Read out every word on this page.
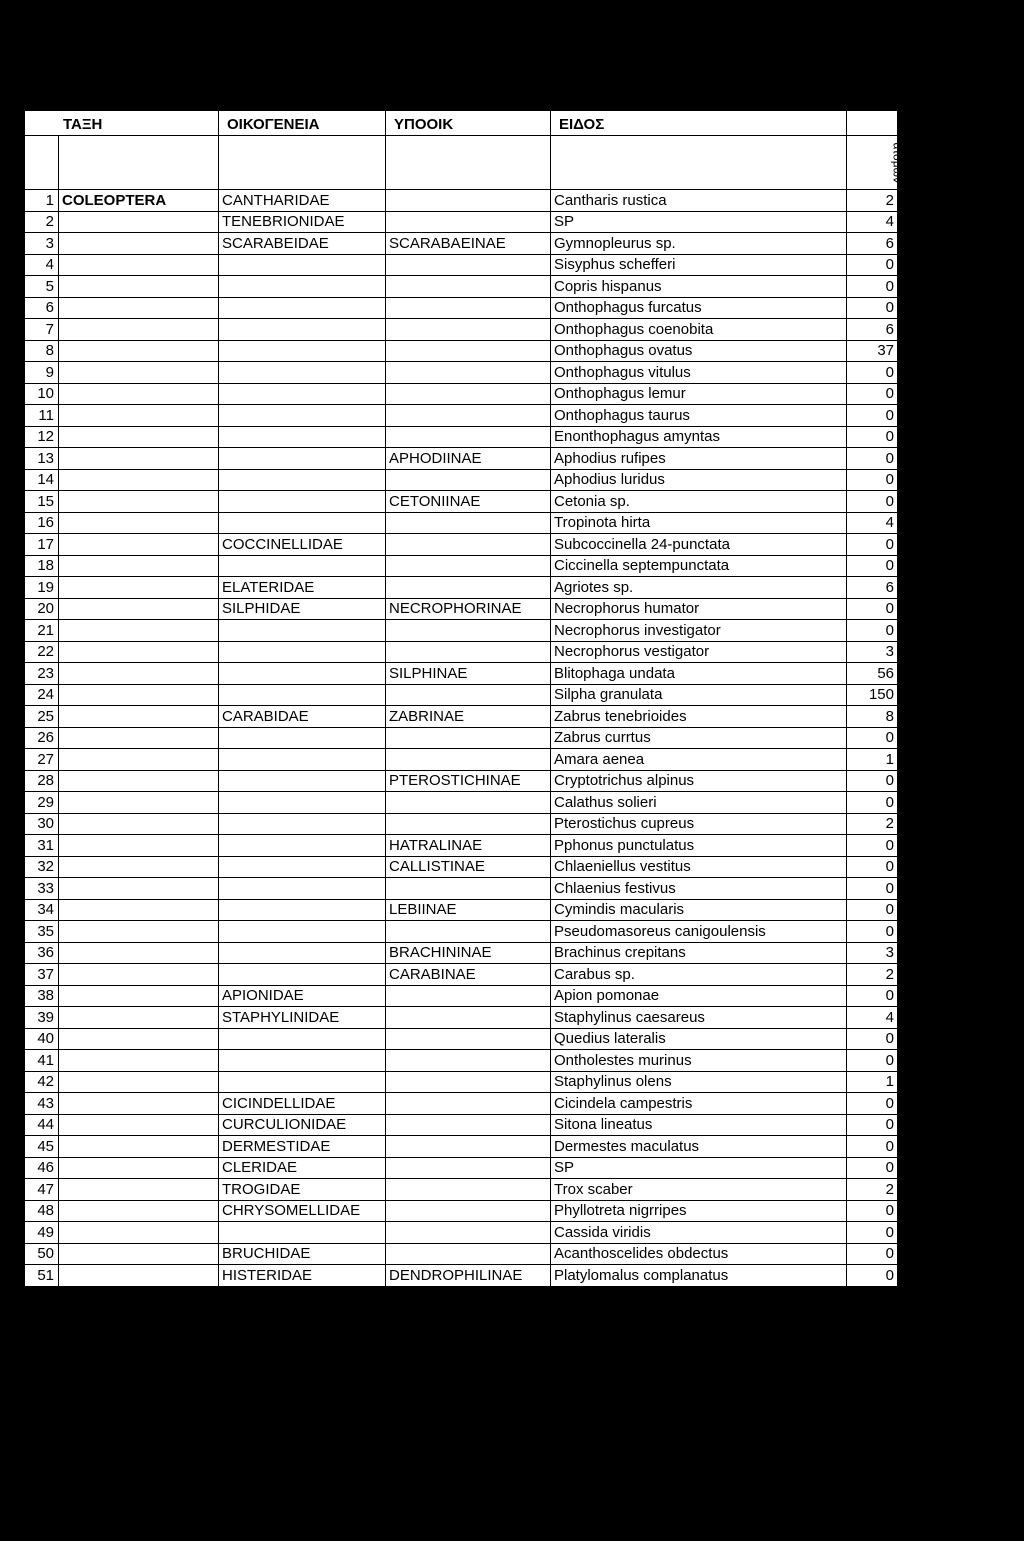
ΤΑΞΗ		ΟΙΚΟΓΕΝΕΙΑ	ΥΠΟΟΙΚ	ΕΙΔΟΣ	

					αριθμος
ατομων

1	COLEOPTERA	CANTHARIDAE		Cantharis rustica	2
2		TENEBRIONIDAE		SP	4
3		SCARABEIDAE	SCARABAEINAE	Gymnopleurus sp.	6
4				Sisyphus schefferi	0
5				Copris hispanus	0
6				Onthophagus furcatus	0
7				Onthophagus coenobita	6
8				Onthophagus ovatus	37
9				Onthophagus vitulus	0
10				Onthophagus lemur	0
11				Onthophagus taurus	0
12				Enonthophagus amyntas	0
13			APHODIINAE	Aphodius rufipes	0
14				Aphodius luridus	0
15			CETONIINAE	Cetonia sp.	0
16				Tropinota hirta	4
17		COCCINELLIDAE		Subcoccinella 24-punctata	0
18				Ciccinella septempunctata	0
19		ELATERIDAE		Agriotes sp.	6
20		SILPHIDAE	NECROPHORINAE	Necrophorus humator	0
21				Necrophorus investigator	0
22				Necrophorus vestigator	3
23			SILPHINAE	Blitophaga undata	56
24				Silpha granulata	150
25		CARABIDAE	ZABRINAE	Zabrus tenebrioides	8
26				Zabrus currtus	0
27				Amara aenea	1
28			PTEROSTICHINAE	Cryptotrichus alpinus	0
29				Calathus solieri	0
30				Pterostichus cupreus	2
31			HATRALINAE	Pphonus punctulatus	0
32			CALLISTINAE	Chlaeniellus vestitus	0
33				Chlaenius festivus	0
34			LEBIINAE	Cymindis macularis	0
35				Pseudomasoreus canigoulensis	0
36			BRACHININAE	Brachinus crepitans	3
37			CARABINAE	Carabus sp.	2
38		APIONIDAE		Apion pomonae	0
39		STAPHYLINIDAE		Staphylinus caesareus	4
40				Quedius lateralis	0
41				Ontholestes murinus	0
42				Staphylinus olens	1
43		CICINDELLIDAE		Cicindela campestris	0
44		CURCULIONIDAE		Sitona lineatus	0
45		DERMESTIDAE		Dermestes maculatus	0
46		CLERIDAE		SP	0
47		TROGIDAE		Trox scaber	2
48		CHRYSOMELLIDAE		Phyllotreta nigrripes	0
49				Cassida viridis	0
50		BRUCHIDAE		Acanthoscelides obdectus	0
51		HISTERIDAE	DENDROPHILINAE	Platylomalus complanatus	0
